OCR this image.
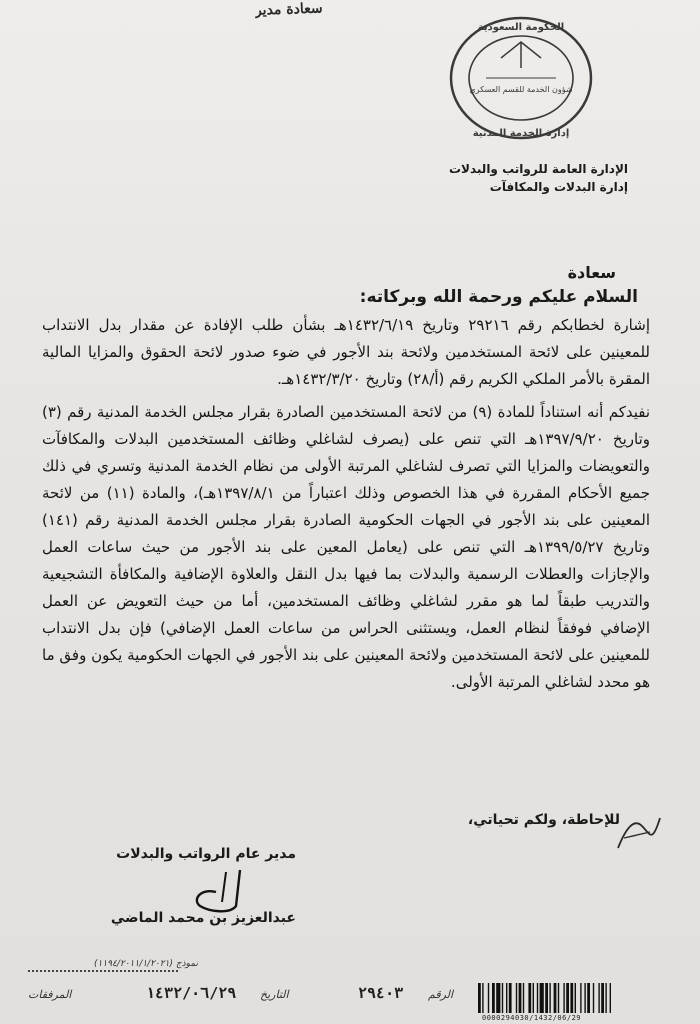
سعادة مدير
شؤون الخدمة للقسم العسكري
الحكومة السعودية
إدارة الخدمة المدنية
الإدارة العامة للرواتب والبدلات
إدارة البدلات والمكافآت
سعادة
السلام عليكم ورحمة الله وبركاته:

إشارة لخطابكم رقم ٢٩٢١٦ وتاريخ ١٤٣٢/٦/١٩هـ بشأن طلب الإفادة عن مقدار بدل الانتداب للمعينين على لائحة المستخدمين ولائحة بند الأجور في ضوء صدور لائحة الحقوق والمزايا المالية المقرة بالأمر الملكي الكريم رقم (أ/٢٨) وتاريخ ١٤٣٢/٣/٢٠هـ.

نفيدكم أنه استناداً للمادة (٩) من لائحة المستخدمين الصادرة بقرار مجلس الخدمة المدنية رقم (٣) وتاريخ ١٣٩٧/٩/٢٠هـ التي تنص على (يصرف لشاغلي وظائف المستخدمين البدلات والمكافآت والتعويضات والمزايا التي تصرف لشاغلي المرتبة الأولى من نظام الخدمة المدنية وتسري في ذلك جميع الأحكام المقررة في هذا الخصوص وذلك اعتباراً من ١٣٩٧/٨/١هـ)، والمادة (١١) من لائحة المعينين على بند الأجور في الجهات الحكومية الصادرة بقرار مجلس الخدمة المدنية رقم (١٤١) وتاريخ ١٣٩٩/٥/٢٧هـ التي تنص على (يعامل المعين على بند الأجور من حيث ساعات العمل والإجازات والعطلات الرسمية والبدلات بما فيها بدل النقل والعلاوة الإضافية والمكافأة التشجيعية والتدريب طبقاً لما هو مقرر لشاغلي وظائف المستخدمين، أما من حيث التعويض عن العمل الإضافي فوفقاً لنظام العمل، ويستثنى الحراس من ساعات العمل الإضافي) فإن بدل الانتداب للمعينين على لائحة المستخدمين ولائحة المعينين على بند الأجور في الجهات الحكومية يكون وفق ما هو محدد لشاغلي المرتبة الأولى.

للإحاطة، ولكم تحياتي،
مدير عام الرواتب والبدلات
عبدالعزيز بن محمد الماضي
نموذج (١١٩٤/٢٠١١/١/٢٠٢١)
المرفقات	١٤٣٢/٠٦/٢٩ التاريخ	٢٩٤٠٣ الرقم
0000294030/1432/06/29
